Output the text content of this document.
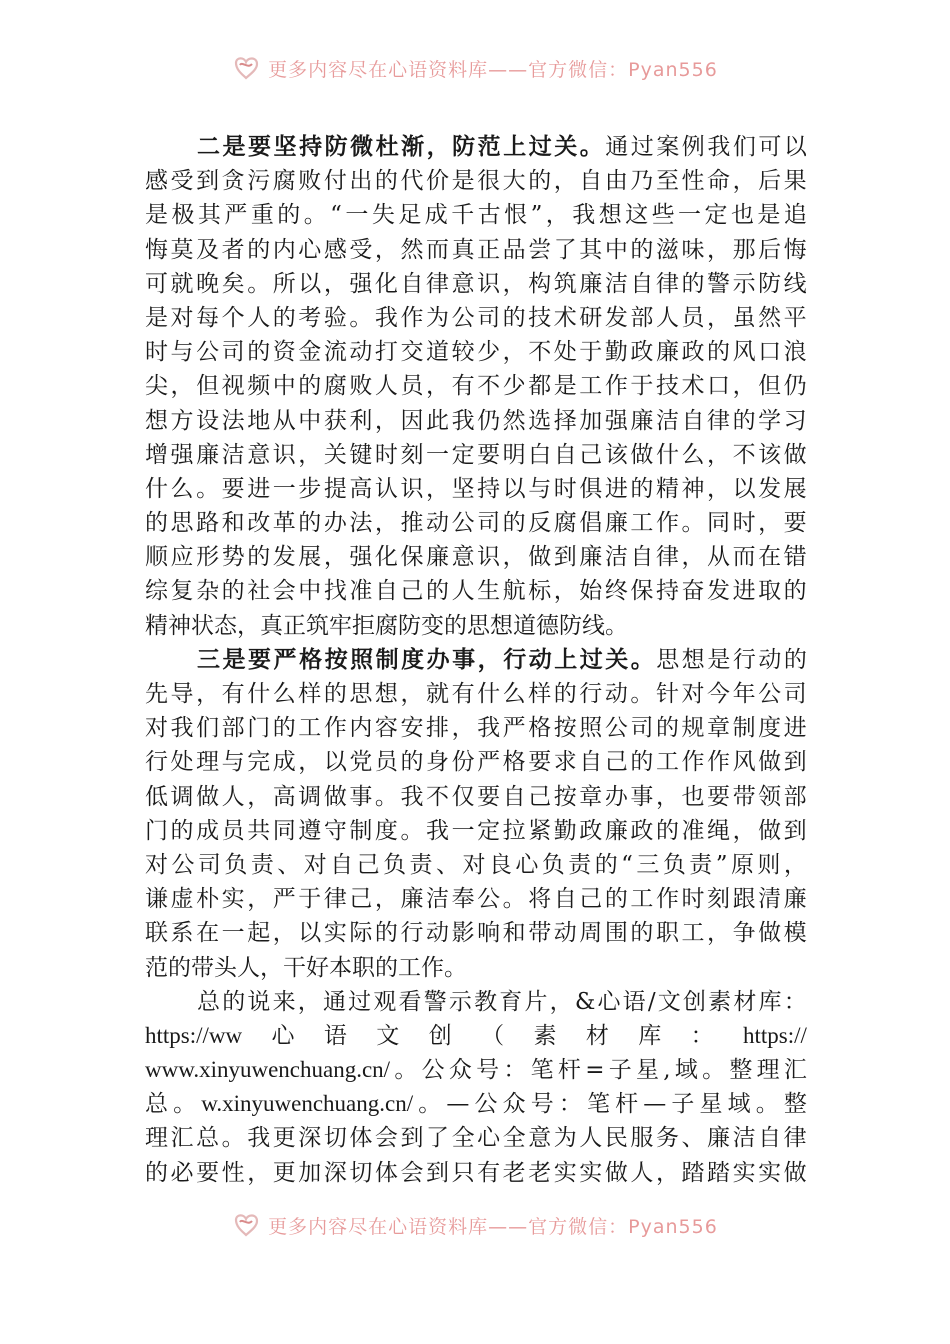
更多内容尽在心语资料库——官方微信：Pyan556
二 是 要 坚 持 防 微 杜 渐 ， 防 范 上 过 关 。 通 过 案 例 我 们 可 以
感 受 到 贪 污 腐 败 付 出 的 代 价 是 很 大 的 ， 自 由 乃 至 性 命 ， 后 果
是 极 其 严 重 的 。 “ 一 失 足 成 千 古 恨 ” ， 我 想 这 些 一 定 也 是 追
悔 莫 及 者 的 内 心 感 受 ， 然 而 真 正 品 尝 了 其 中 的 滋 味 ， 那 后 悔
可 就 晚 矣 。 所 以 ， 强 化 自 律 意 识 ， 构 筑 廉 洁 自 律 的 警 示 防 线
是 对 每 个 人 的 考 验 。 我 作 为 公 司 的 技 术 研 发 部 人 员 ， 虽 然 平
时 与 公 司 的 资 金 流 动 打 交 道 较 少 ， 不 处 于 勤 政 廉 政 的 风 口 浪
尖 ， 但 视 频 中 的 腐 败 人 员 ， 有 不 少 都 是 工 作 于 技 术 口 ， 但 仍
想 方 设 法 地 从 中 获 利 ， 因 此 我 仍 然 选 择 加 强 廉 洁 自 律 的 学 习
增 强 廉 洁 意 识 ， 关 键 时 刻 一 定 要 明 白 自 己 该 做 什 么 ， 不 该 做
什 么 。 要 进 一 步 提 高 认 识 ， 坚 持 以 与 时 俱 进 的 精 神 ， 以 发 展
的 思 路 和 改 革 的 办 法 ， 推 动 公 司 的 反 腐 倡 廉 工 作 。 同 时 ， 要
顺 应 形 势 的 发 展 ， 强 化 保 廉 意 识 ， 做 到 廉 洁 自 律 ， 从 而 在 错
综 复 杂 的 社 会 中 找 准 自 己 的 人 生 航 标 ， 始 终 保 持 奋 发 进 取 的
精 神 状 态 ， 真 正 筑 牢 拒 腐 防 变 的 思 想 道 德 防 线 。
三 是 要 严 格 按 照 制 度 办 事 ， 行 动 上 过 关 。 思 想 是 行 动 的
先 导 ， 有 什 么 样 的 思 想 ， 就 有 什 么 样 的 行 动 。 针 对 今 年 公 司
对 我 们 部 门 的 工 作 内 容 安 排 ， 我 严 格 按 照 公 司 的 规 章 制 度 进
行 处 理 与 完 成 ， 以 党 员 的 身 份 严 格 要 求 自 己 的 工 作 作 风 做 到
低 调 做 人 ， 高 调 做 事 。 我 不 仅 要 自 己 按 章 办 事 ， 也 要 带 领 部
门 的 成 员 共 同 遵 守 制 度 。 我 一 定 拉 紧 勤 政 廉 政 的 准 绳 ， 做 到
对 公 司 负 责 、 对 自 己 负 责 、 对 良 心 负 责 的 “ 三 负 责 ” 原 则 ，
谦 虚 朴 实 ， 严 于 律 己 ， 廉 洁 奉 公 。 将 自 己 的 工 作 时 刻 跟 清 廉
联 系 在 一 起 ， 以 实 际 的 行 动 影 响 和 带 动 周 围 的 职 工 ， 争 做 模
范 的 带 头 人 ， 干 好 本 职 的 工 作 。
总 的 说 来 ， 通 过 观 看 警 示 教 育 片 ， & 心 语 / 文 创 素 材 库 ：
https://ww 心 语 文 创 （ 素 材 库 ： https://
www.xinyuwenchuang.cn/ 。 公 众 号 ： 笔 杆 = 子 星 , 域 。 整 理 汇
总 。 w.xinyuwenchuang.cn/ 。 — 公 众 号 ： 笔 杆 — 子 星 域 。 整
理 汇 总 。 我 更 深 切 体 会 到 了 全 心 全 意 为 人 民 服 务 、 廉 洁 自 律
的 必 要 性 ， 更 加 深 切 体 会 到 只 有 老 老 实 实 做 人 ， 踏 踏 实 实 做
更多内容尽在心语资料库——官方微信：Pyan556
